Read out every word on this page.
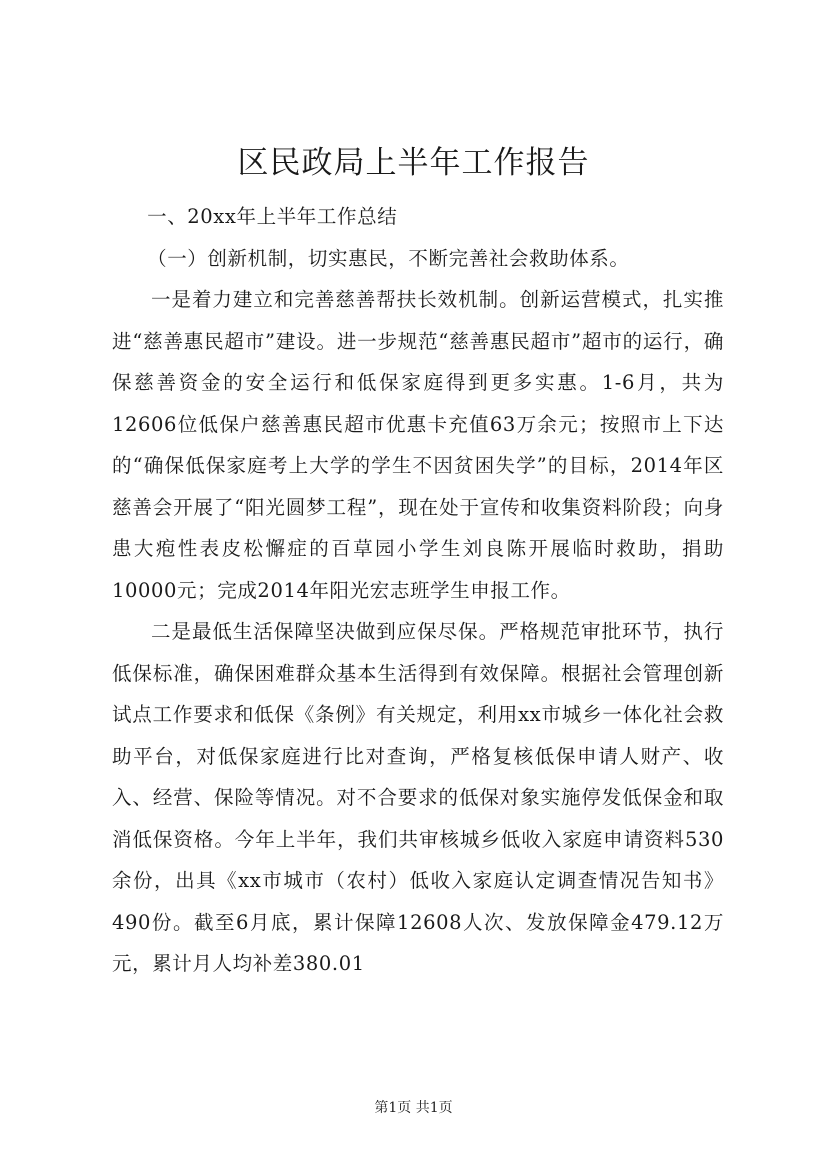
区民政局上半年工作报告

一、20xx年上半年工作总结

（一）创新机制，切实惠民，不断完善社会救助体系。

一是着力建立和完善慈善帮扶长效机制。创新运营模式，扎实推进“慈善惠民超市”建设。进一步规范“慈善惠民超市”超市的运行，确保慈善资金的安全运行和低保家庭得到更多实惠。1-6月，共为12606位低保户慈善惠民超市优惠卡充值63万余元；按照市上下达的“确保低保家庭考上大学的学生不因贫困失学”的目标，2014年区慈善会开展了“阳光圆梦工程”，现在处于宣传和收集资料阶段；向身患大疱性表皮松懈症的百草园小学生刘良陈开展临时救助，捐助10000元；完成2014年阳光宏志班学生申报工作。

二是最低生活保障坚决做到应保尽保。严格规范审批环节，执行低保标准，确保困难群众基本生活得到有效保障。根据社会管理创新试点工作要求和低保《条例》有关规定，利用xx市城乡一体化社会救助平台，对低保家庭进行比对查询，严格复核低保申请人财产、收入、经营、保险等情况。对不合要求的低保对象实施停发低保金和取消低保资格。今年上半年，我们共审核城乡低收入家庭申请资料530余份，出具《xx市城市（农村）低收入家庭认定调查情况告知书》490份。截至6月底，累计保障12608人次、发放保障金479.12万元，累计月人均补差380.01

第1页 共1页
